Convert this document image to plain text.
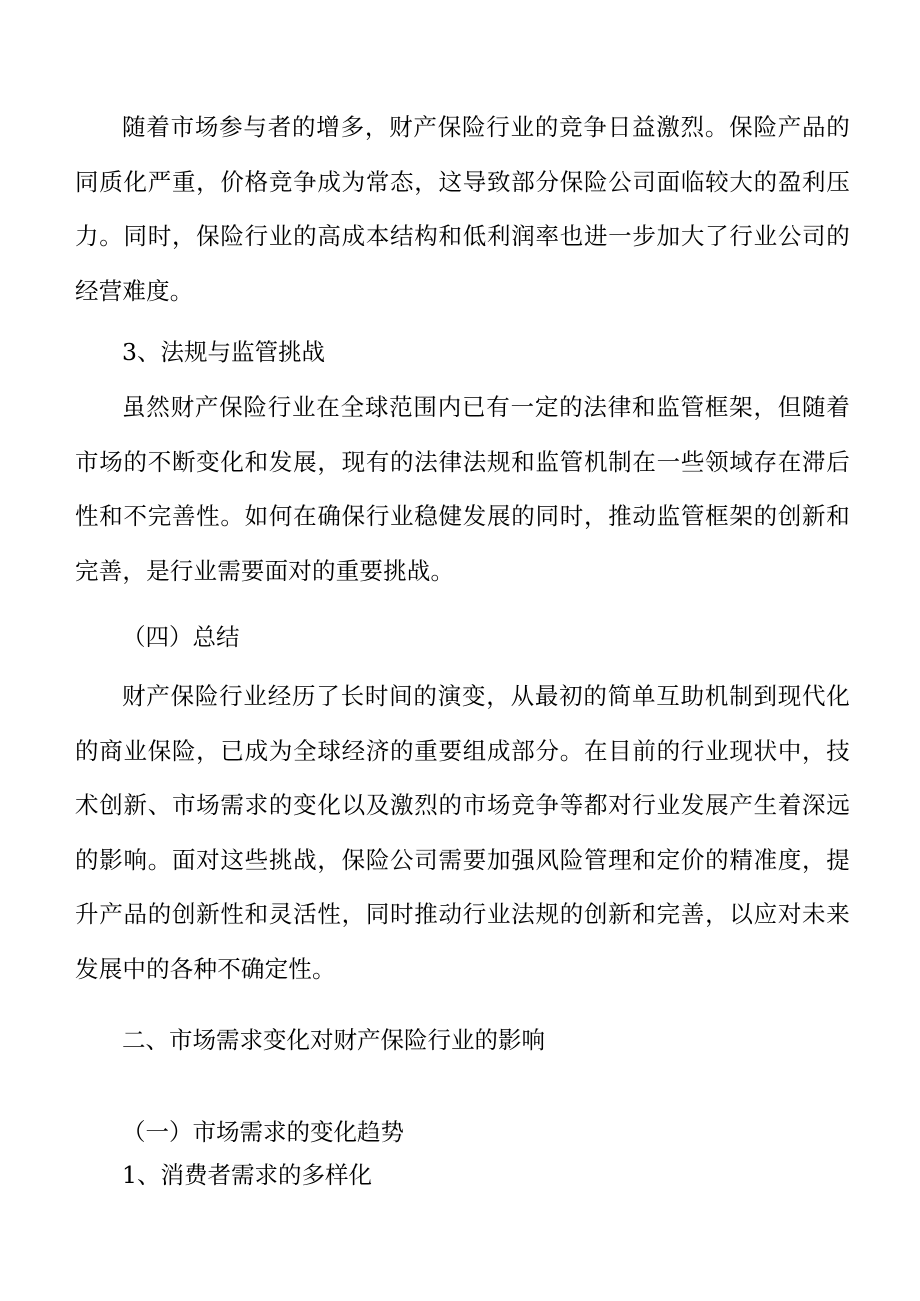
随着市场参与者的增多，财产保险行业的竞争日益激烈。保险产品的同质化严重，价格竞争成为常态，这导致部分保险公司面临较大的盈利压力。同时，保险行业的高成本结构和低利润率也进一步加大了行业公司的经营难度。

3、法规与监管挑战

虽然财产保险行业在全球范围内已有一定的法律和监管框架，但随着市场的不断变化和发展，现有的法律法规和监管机制在一些领域存在滞后性和不完善性。如何在确保行业稳健发展的同时，推动监管框架的创新和完善，是行业需要面对的重要挑战。

（四）总结

财产保险行业经历了长时间的演变，从最初的简单互助机制到现代化的商业保险，已成为全球经济的重要组成部分。在目前的行业现状中，技术创新、市场需求的变化以及激烈的市场竞争等都对行业发展产生着深远的影响。面对这些挑战，保险公司需要加强风险管理和定价的精准度，提升产品的创新性和灵活性，同时推动行业法规的创新和完善，以应对未来发展中的各种不确定性。

二、市场需求变化对财产保险行业的影响

（一）市场需求的变化趋势

1、消费者需求的多样化
